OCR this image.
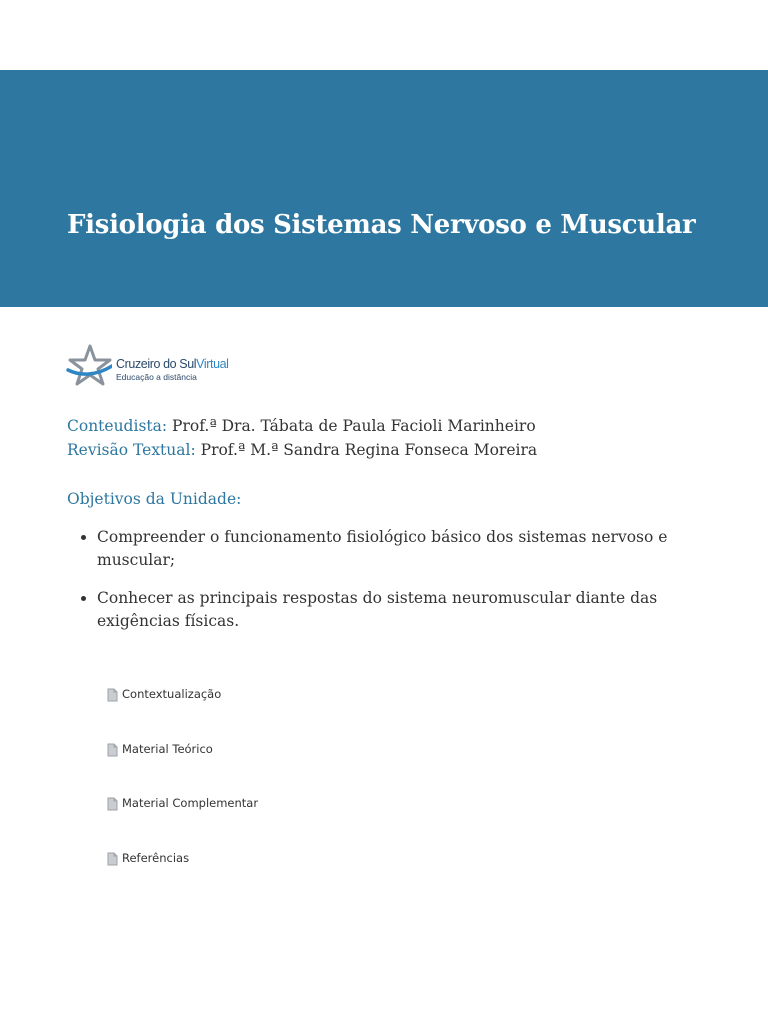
Fisiologia dos Sistemas Nervoso e Muscular
Cruzeiro do SulVirtual
Educação a distância
Conteudista: Prof.ª Dra. Tábata de Paula Facioli Marinheiro
Revisão Textual: Prof.ª M.ª Sandra Regina Fonseca Moreira
Objetivos da Unidade:
• Compreender o funcionamento fisiológico básico dos sistemas nervoso e muscular;
• Conhecer as principais respostas do sistema neuromuscular diante das exigências físicas.
Contextualização
Material Teórico
Material Complementar
Referências
